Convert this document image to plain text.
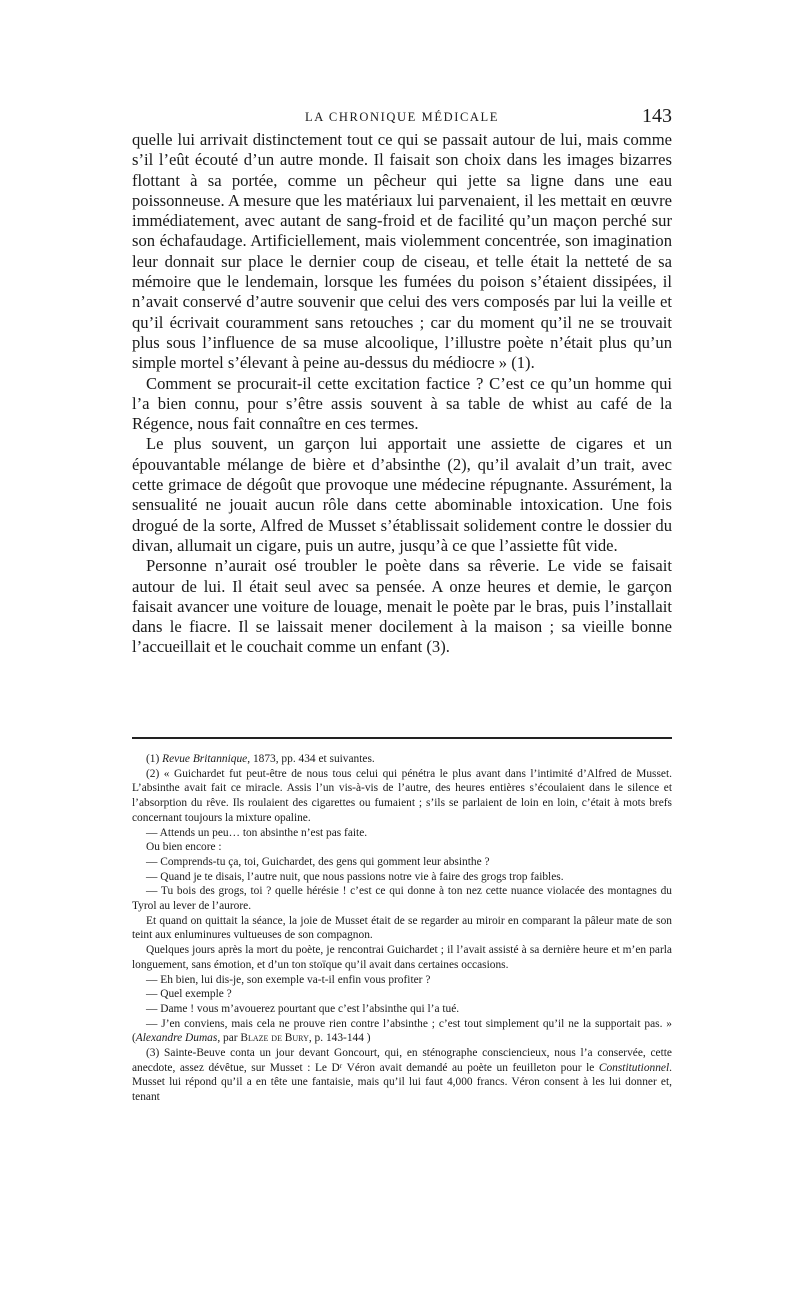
LA CHRONIQUE MÉDICALE	143

quelle lui arrivait distinctement tout ce qui se passait autour de lui, mais comme s’il l’eût écouté d’un autre monde. Il faisait son choix dans les images bizarres flottant à sa portée, comme un pêcheur qui jette sa ligne dans une eau poissonneuse. A mesure que les matériaux lui parvenaient, il les mettait en œuvre immédiatement, avec autant de sang-froid et de facilité qu’un maçon perché sur son échafaudage. Artificiellement, mais violemment concentrée, son imagination leur donnait sur place le dernier coup de ciseau, et telle était la netteté de sa mémoire que le lendemain, lorsque les fumées du poison s’étaient dissipées, il n’avait conservé d’autre souvenir que celui des vers composés par lui la veille et qu’il écrivait couramment sans retouches ; car du moment qu’il ne se trouvait plus sous l’influence de sa muse alcoolique, l’illustre poète n’était plus qu’un simple mortel s’élevant à peine au-dessus du médiocre » (1).

Comment se procurait-il cette excitation factice ? C’est ce qu’un homme qui l’a bien connu, pour s’être assis souvent à sa table de whist au café de la Régence, nous fait connaître en ces termes.

Le plus souvent, un garçon lui apportait une assiette de cigares et un épouvantable mélange de bière et d’absinthe (2), qu’il avalait d’un trait, avec cette grimace de dégoût que provoque une médecine répugnante. Assurément, la sensualité ne jouait aucun rôle dans cette abominable intoxication. Une fois drogué de la sorte, Alfred de Musset s’établissait solidement contre le dossier du divan, allumait un cigare, puis un autre, jusqu’à ce que l’assiette fût vide.

Personne n’aurait osé troubler le poète dans sa rêverie. Le vide se faisait autour de lui. Il était seul avec sa pensée. A onze heures et demie, le garçon faisait avancer une voiture de louage, menait le poète par le bras, puis l’installait dans le fiacre. Il se laissait mener docilement à la maison ; sa vieille bonne l’accueillait et le couchait comme un enfant (3).

(1) Revue Britannique, 1873, pp. 434 et suivantes.

(2) « Guichardet fut peut-être de nous tous celui qui pénétra le plus avant dans l’intimité d’Alfred de Musset. L’absinthe avait fait ce miracle. Assis l’un vis-à-vis de l’autre, des heures entières s’écoulaient dans le silence et l’absorption du rêve. Ils roulaient des cigarettes ou fumaient ; s’ils se parlaient de loin en loin, c’était à mots brefs concernant toujours la mixture opaline.

— Attends un peu… ton absinthe n’est pas faite.

Ou bien encore :

— Comprends-tu ça, toi, Guichardet, des gens qui gomment leur absinthe ?

— Quand je te disais, l’autre nuit, que nous passions notre vie à faire des grogs trop faibles.

— Tu bois des grogs, toi ? quelle hérésie ! c’est ce qui donne à ton nez cette nuance violacée des montagnes du Tyrol au lever de l’aurore.

Et quand on quittait la séance, la joie de Musset était de se regarder au miroir en comparant la pâleur mate de son teint aux enluminures vultueuses de son compagnon.

Quelques jours après la mort du poète, je rencontrai Guichardet ; il l’avait assisté à sa dernière heure et m’en parla longuement, sans émotion, et d’un ton stoïque qu’il avait dans certaines occasions.

— Eh bien, lui dis-je, son exemple va-t-il enfin vous profiter ?

— Quel exemple ?

— Dame ! vous m’avouerez pourtant que c’est l’absinthe qui l’a tué.

— J’en conviens, mais cela ne prouve rien contre l’absinthe ; c’est tout simplement qu’il ne la supportait pas. » (Alexandre Dumas, par Blaze de Bury, p. 143-144 )

(3) Sainte-Beuve conta un jour devant Goncourt, qui, en sténographe consciencieux, nous l’a conservée, cette anecdote, assez dévêtue, sur Musset : Le Dʳ Véron avait demandé au poète un feuilleton pour le Constitutionnel. Musset lui répond qu’il a en tête une fantaisie, mais qu’il lui faut 4,000 francs. Véron consent à les lui donner et, tenant
